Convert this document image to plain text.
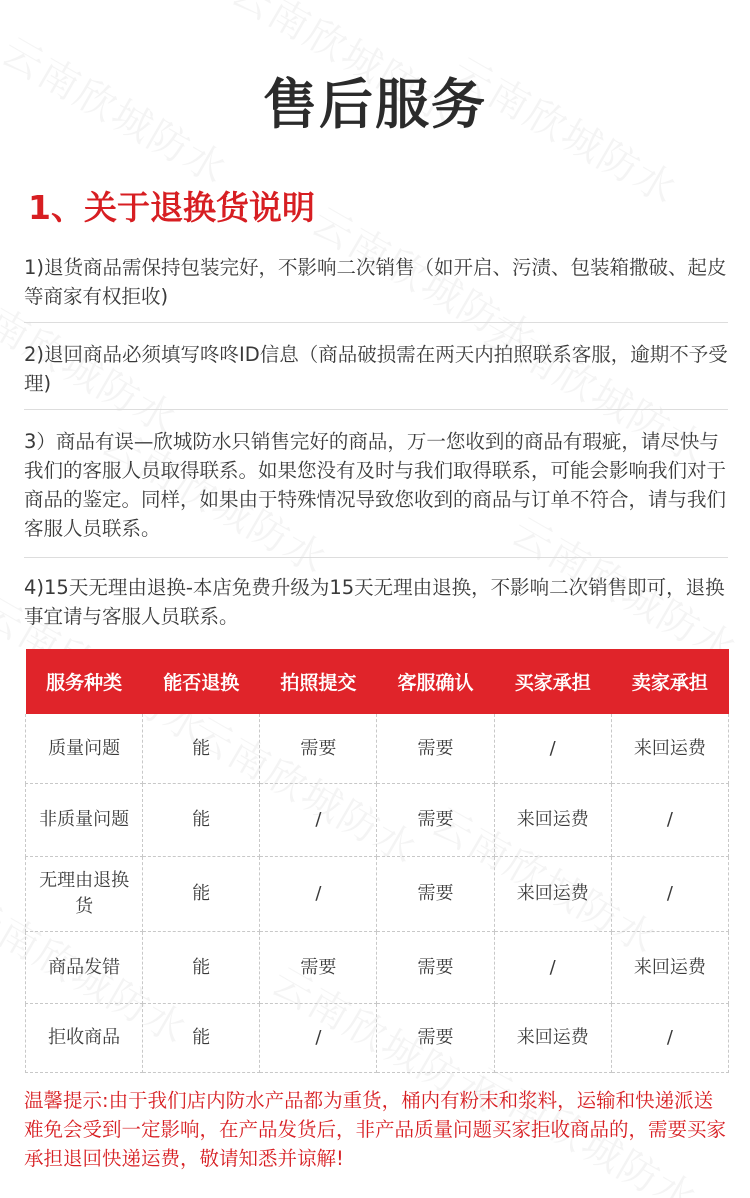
售后服务
1、关于退换货说明
1)退货商品需保持包装完好，不影响二次销售（如开启、污渍、包装箱撒破、起皮等商家有权拒收)
2)退回商品必须填写咚咚ID信息（商品破损需在两天内拍照联系客服，逾期不予受理)
3）商品有误—欣城防水只销售完好的商品，万一您收到的商品有瑕疵，请尽快与我们的客服人员取得联系。如果您没有及时与我们取得联系，可能会影响我们对于商品的鉴定。同样，如果由于特殊情况导致您收到的商品与订单不符合，请与我们客服人员联系。
4)15天无理由退换-本店免费升级为15天无理由退换，不影响二次销售即可，退换事宜请与客服人员联系。
服务种类	能否退换	拍照提交	客服确认	买家承担	卖家承担
质量问题	能	需要	需要	/	来回运费
非质量问题	能	/	需要	来回运费	/
无理由退换货	能	/	需要	来回运费	/
商品发错	能	需要	需要	/	来回运费
拒收商品	能	/	需要	来回运费	/
温馨提示:由于我们店内防水产品都为重货，桶内有粉末和浆料，运输和快递派送难免会受到一定影响，在产品发货后，非产品质量问题买家拒收商品的，需要买家承担退回快递运费，敬请知悉并谅解!
